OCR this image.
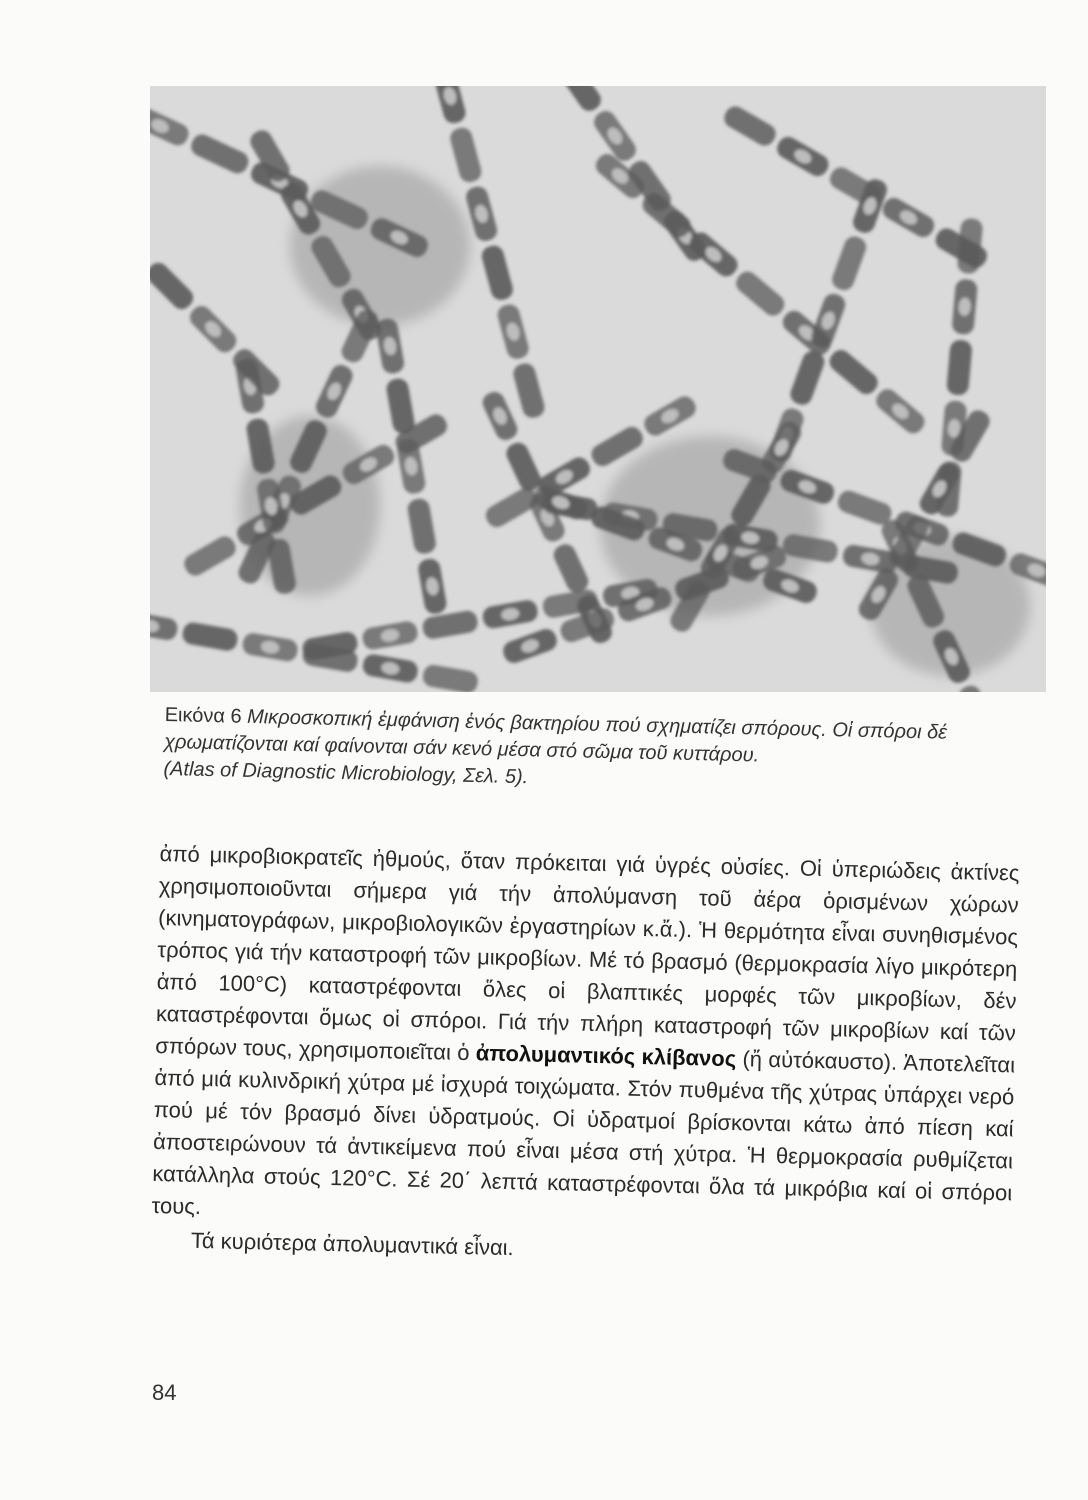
Εικόνα 6 Μικροσκοπική ἐμφάνιση ἑνός βακτηρίου πού σχηματίζει σπόρους. Οἱ σπόροι δέ χρωματίζονται καί φαίνονται σάν κενό μέσα στό σῶμα τοῦ κυττάρου.
(Atlas of Diagnostic Microbiology, Σελ. 5).

ἀπό μικροβιοκρατεῖς ἠθμούς, ὅταν πρόκειται γιά ὑγρές οὐσίες. Οἱ ὑπεριώδεις ἀκτίνες χρησιμοποιοῦνται σήμερα γιά τήν ἀπολύμανση τοῦ ἀέρα ὁρισμένων χώρων (κινηματογράφων, μικροβιολογικῶν ἐργαστηρίων κ.ἄ.). Ἡ θερμότητα εἶναι συνηθισμένος τρόπος γιά τήν καταστροφή τῶν μικροβίων. Μέ τό βρασμό (θερμοκρασία λίγο μικρότερη ἀπό 100°C) καταστρέφονται ὅλες οἱ βλαπτικές μορφές τῶν μικροβίων, δέν καταστρέφονται ὅμως οἱ σπόροι. Γιά τήν πλήρη καταστροφή τῶν μικροβίων καί τῶν σπόρων τους, χρησιμοποιεῖται ὁ ἀπολυμαντικός κλίβανος (ἤ αὐτόκαυστο). Ἀποτελεῖται ἀπό μιά κυλινδρική χύτρα μέ ἰσχυρά τοιχώματα. Στόν πυθμένα τῆς χύτρας ὑπάρχει νερό πού μέ τόν βρασμό δίνει ὑδρατμούς. Οἱ ὑδρατμοί βρίσκονται κάτω ἀπό πίεση καί ἀποστειρώνουν τά ἀντικείμενα πού εἶναι μέσα στή χύτρα. Ἡ θερμοκρασία ρυθμίζεται κατάλληλα στούς 120°C. Σέ 20΄ λεπτά καταστρέφονται ὅλα τά μικρόβια καί οἱ σπόροι τους.

Τά κυριότερα ἀπολυμαντικά εἶναι.

84
